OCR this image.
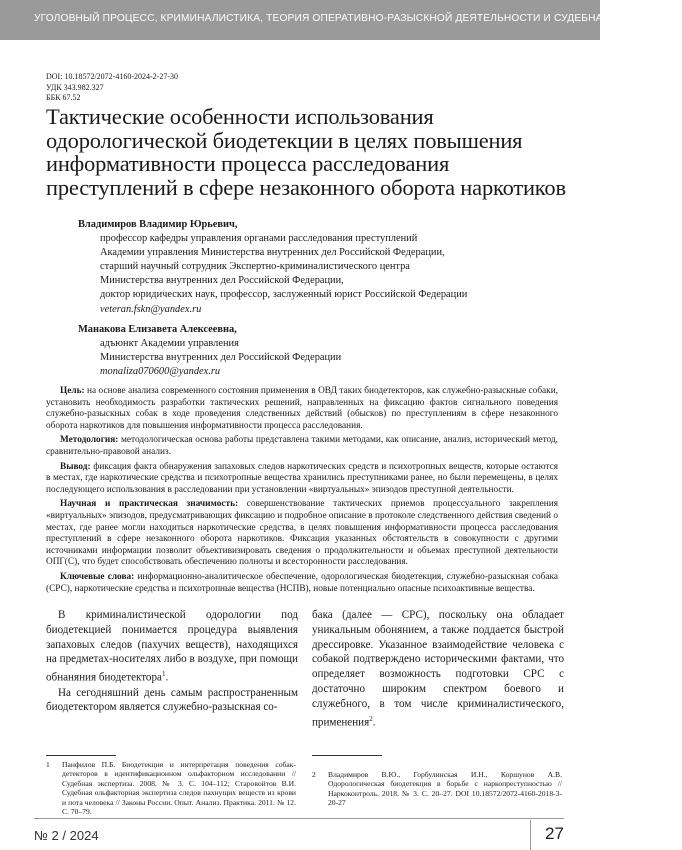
УГОЛОВНЫЙ ПРОЦЕСС, КРИМИНАЛИСТИКА, ТЕОРИЯ ОПЕРАТИВНО-РАЗЫСКНОЙ ДЕЯТЕЛЬНОСТИ И СУДЕБНАЯ ЭКСПЕРТИЗА
DOI: 10.18572/2072-4160-2024-2-27-30
УДК 343.982.327
ББК 67.52
Тактические особенности использования одорологической биодетекции в целях повышения информативности процесса расследования преступлений в сфере незаконного оборота наркотиков
Владимиров Владимир Юрьевич,
профессор кафедры управления органами расследования преступлений
Академии управления Министерства внутренних дел Российской Федерации,
старший научный сотрудник Экспертно-криминалистического центра
Министерства внутренних дел Российской Федерации,
доктор юридических наук, профессор, заслуженный юрист Российской Федерации
veteran.fskn@yandex.ru
Манакова Елизавета Алексеевна,
адъюнкт Академии управления
Министерства внутренних дел Российской Федерации
monaliza070600@yandex.ru

Цель: на основе анализа современного состояния применения в ОВД таких биодетекторов, как служебно-разыскные собаки, установить необходимость разработки тактических решений, направленных на фиксацию фактов сигнального поведения служебно-разыскных собак в ходе проведения следственных действий (обысков) по преступлениям в сфере незаконного оборота наркотиков для повышения информативности процесса расследования.

Методология: методологическая основа работы представлена такими методами, как описание, анализ, исторический метод, сравнительно-правовой анализ.

Вывод: фиксация факта обнаружения запаховых следов наркотических средств и психотропных веществ, которые остаются в местах, где наркотические средства и психотропные вещества хранились преступниками ранее, но были перемещены, в целях последующего использования в расследовании при установлении «виртуальных» эпизодов преступной деятельности.

Научная и практическая значимость: совершенствование тактических приемов процессуального закрепления «виртуальных» эпизодов, предусматривающих фиксацию и подробное описание в протоколе следственного действия сведений о местах, где ранее могли находиться наркотические средства, в целях повышения информативности процесса расследования преступлений в сфере незаконного оборота наркотиков. Фиксация указанных обстоятельств в совокупности с другими источниками информации позволит объективизировать сведения о продолжительности и объемах преступной деятельности ОПГ(С), что будет способствовать обеспечению полноты и всесторонности расследования.

Ключевые слова: информационно-аналитическое обеспечение, одорологическая биодетекция, служебно-разыскная собака (СРС), наркотические средства и психотропные вещества (НСПВ), новые потенциально опасные психоактивные вещества.

В криминалистической одорологии под биодетекцией понимается процедура выявления запаховых следов (пахучих веществ), находящихся на предметах-носителях либо в воздухе, при помощи обнаняния биодетектора$^1$.

На сегодняшний день самым распространенным биодетектором является служебно-разыскная со-

бака (далее — СРС), поскольку она обладает уникальным обонянием, а также поддается быстрой дрессировке. Указанное взаимодействие человека с собакой подтверждено историческими фактами, что определяет возможность подготовки СРС с достаточно широким спектром боевого и служебного, в том числе криминалистического, применения$^2$.

1	Панфилов П.Б. Биодетекция и интерпретация поведения собак-детекторов в идентификационном ольфакторном исследовании // Судебная экспертиза. 2008. № 3. С. 104–112; Старовойтов В.И. Судебная ольфакторная экспертиза следов пахнущих веществ из крови и пота человека // Законы России. Опыт. Анализ. Практика. 2011. № 12. С. 70–79.
2	Владимиров В.Ю., Горбулинская И.Н., Коршунов А.В. Одорологическая биодетекция в борьбе с наркопреступностью // Наркоконтроль. 2018. № 3. С. 20–27. DOI 10.18572/2072-4160-2018-3-20-27
№ 2 / 2024	27
